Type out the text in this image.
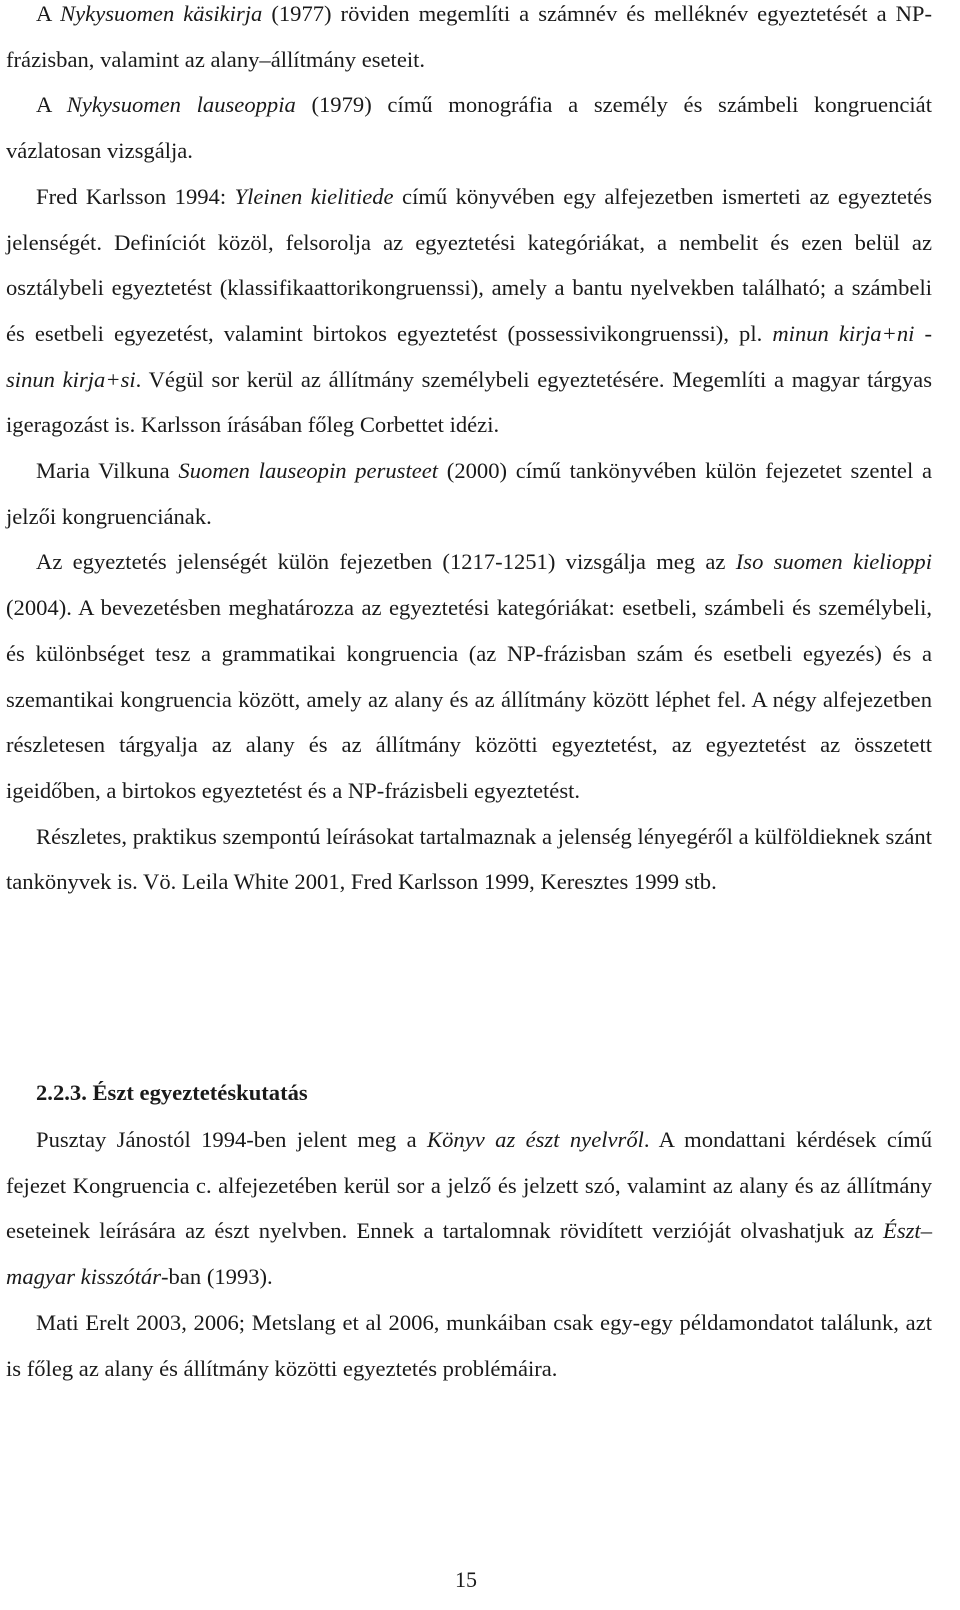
A Nykysuomen käsikirja (1977) röviden megemlíti a számnév és melléknév egyeztetését a NP-frázisban, valamint az alany–állítmány eseteit.

A Nykysuomen lauseoppia (1979) című monográfia a személy és számbeli kongruenciát vázlatosan vizsgálja.

Fred Karlsson 1994: Yleinen kielitiede című könyvében egy alfejezetben ismerteti az egyeztetés jelenségét. Definíciót közöl, felsorolja az egyeztetési kategóriákat, a nembelit és ezen belül az osztálybeli egyeztetést (klassifikaattorikongruenssi), amely a bantu nyelvekben található; a számbeli és esetbeli egyezetést, valamint birtokos egyeztetést (possessivikongruenssi), pl. minun kirja+ni - sinun kirja+si. Végül sor kerül az állítmány személybeli egyeztetésére. Megemlíti a magyar tárgyas igeragozást is. Karlsson írásában főleg Corbettet idézi.

Maria Vilkuna Suomen lauseopin perusteet (2000) című tankönyvében külön fejezetet szentel a jelzői kongruenciának.

Az egyeztetés jelenségét külön fejezetben (1217-1251) vizsgálja meg az Iso suomen kielioppi (2004). A bevezetésben meghatározza az egyeztetési kategóriákat: esetbeli, számbeli és személybeli, és különbséget tesz a grammatikai kongruencia (az NP-frázisban szám és esetbeli egyezés) és a szemantikai kongruencia között, amely az alany és az állítmány között léphet fel. A négy alfejezetben részletesen tárgyalja az alany és az állítmány közötti egyeztetést, az egyeztetést az összetett igeidőben, a birtokos egyeztetést és a NP-frázisbeli egyeztetést.

Részletes, praktikus szempontú leírásokat tartalmaznak a jelenség lényegéről a külföldieknek szánt tankönyvek is. Vö. Leila White 2001, Fred Karlsson 1999, Keresztes 1999 stb.

2.2.3. Észt egyeztetéskutatás

Pusztay Jánostól 1994-ben jelent meg a Könyv az észt nyelvről. A mondattani kérdések című fejezet Kongruencia c. alfejezetében kerül sor a jelző és jelzett szó, valamint az alany és az állítmány eseteinek leírására az észt nyelvben. Ennek a tartalomnak rövidített verzióját olvashatjuk az Észt–magyar kisszótár-ban (1993).

Mati Erelt 2003, 2006; Metslang et al 2006, munkáiban csak egy-egy példamondatot találunk, azt is főleg az alany és állítmány közötti egyeztetés problémáira.

15
